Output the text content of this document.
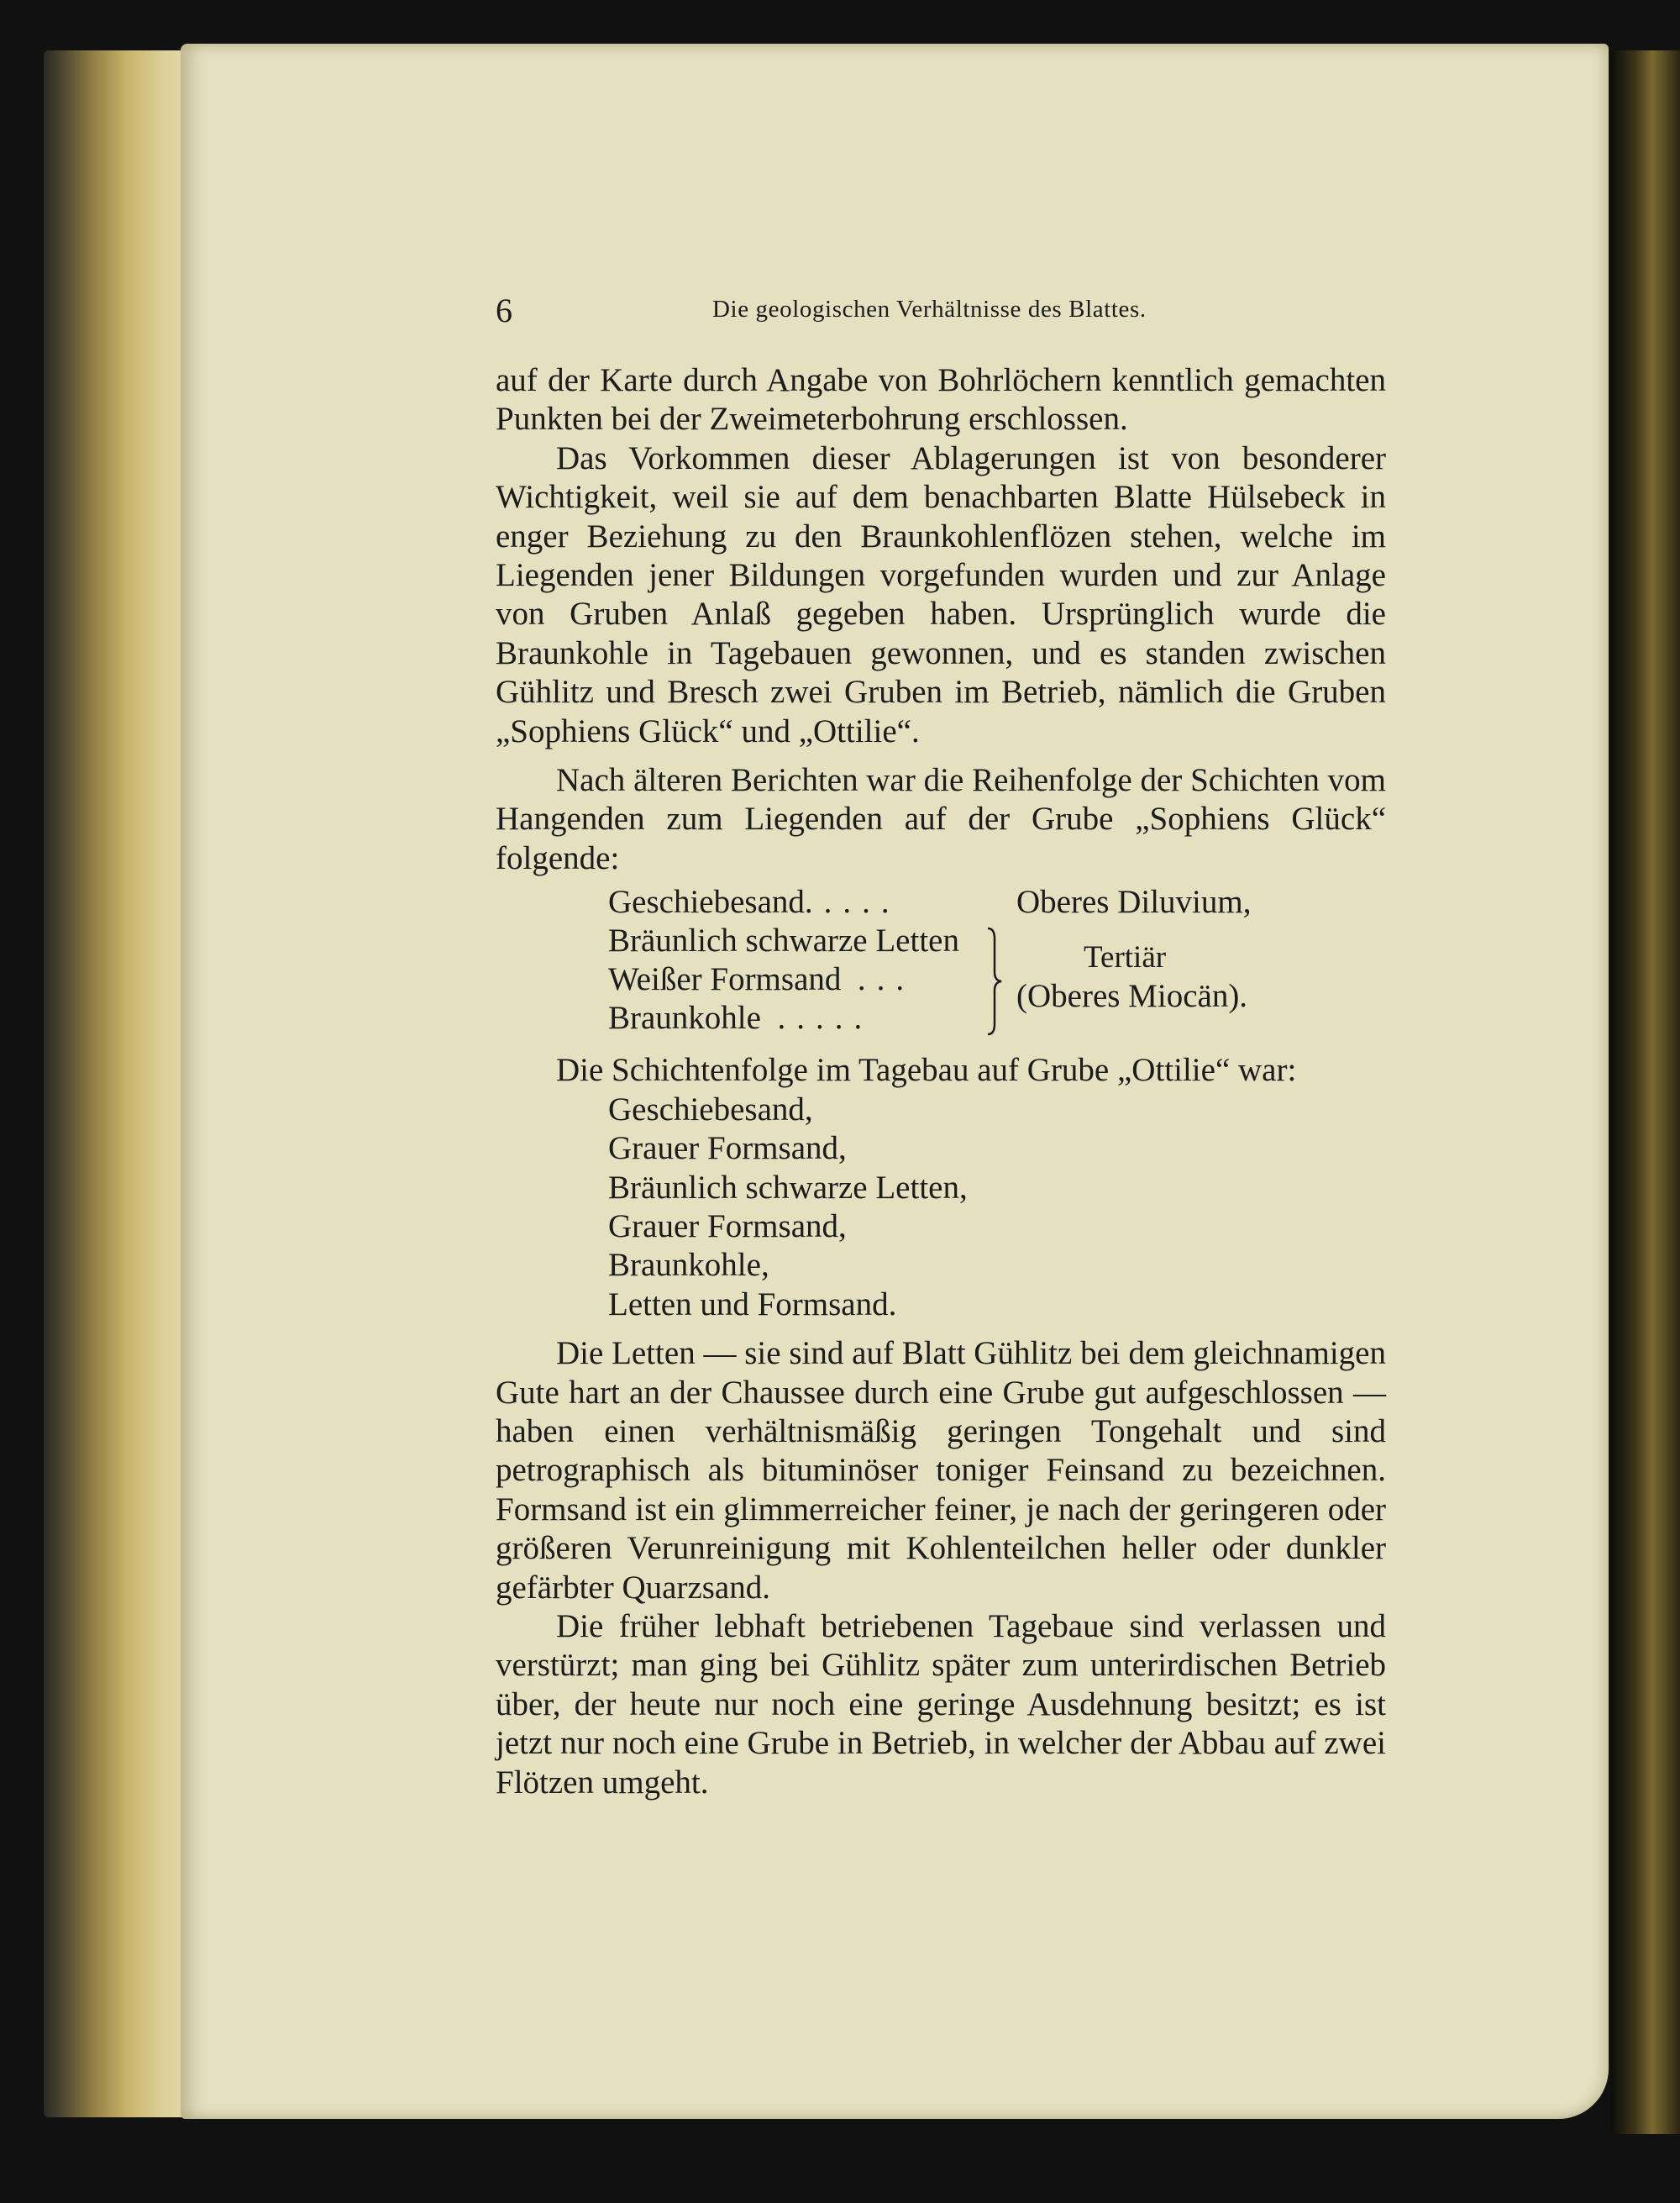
6	Die geologischen Verhältnisse des Blattes.

auf der Karte durch Angabe von Bohrlöchern kenntlich gemachten Punkten bei der Zweimeterbohrung erschlossen.

Das Vorkommen dieser Ablagerungen ist von besonderer Wichtigkeit, weil sie auf dem benachbarten Blatte Hülsebeck in enger Beziehung zu den Braunkohlenflözen stehen, welche im Liegenden jener Bildungen vorgefunden wurden und zur Anlage von Gruben Anlaß gegeben haben. Ursprünglich wurde die Braunkohle in Tagebauen gewonnen, und es standen zwischen Gühlitz und Bresch zwei Gruben im Betrieb, nämlich die Gruben „Sophiens Glück“ und „Ottilie“.

Nach älteren Berichten war die Reihenfolge der Schichten vom Hangenden zum Liegenden auf der Grube „Sophiens Glück“ folgende:

Geschiebesand.....
Bräunlich schwarze Letten
Weißer Formsand ...
Braunkohle .....
Oberes Diluvium,
Tertiär
(Oberes Miocän).

Die Schichtenfolge im Tagebau auf Grube „Ottilie“ war:

Geschiebesand,
Grauer Formsand,
Bräunlich schwarze Letten,
Grauer Formsand,
Braunkohle,
Letten und Formsand.

Die Letten — sie sind auf Blatt Gühlitz bei dem gleichnamigen Gute hart an der Chaussee durch eine Grube gut aufgeschlossen — haben einen verhältnismäßig geringen Tongehalt und sind petrographisch als bituminöser toniger Feinsand zu bezeichnen. Formsand ist ein glimmerreicher feiner, je nach der geringeren oder größeren Verunreinigung mit Kohlenteilchen heller oder dunkler gefärbter Quarzsand.

Die früher lebhaft betriebenen Tagebaue sind verlassen und verstürzt; man ging bei Gühlitz später zum unterirdischen Betrieb über, der heute nur noch eine geringe Ausdehnung besitzt; es ist jetzt nur noch eine Grube in Betrieb, in welcher der Abbau auf zwei Flötzen umgeht.
